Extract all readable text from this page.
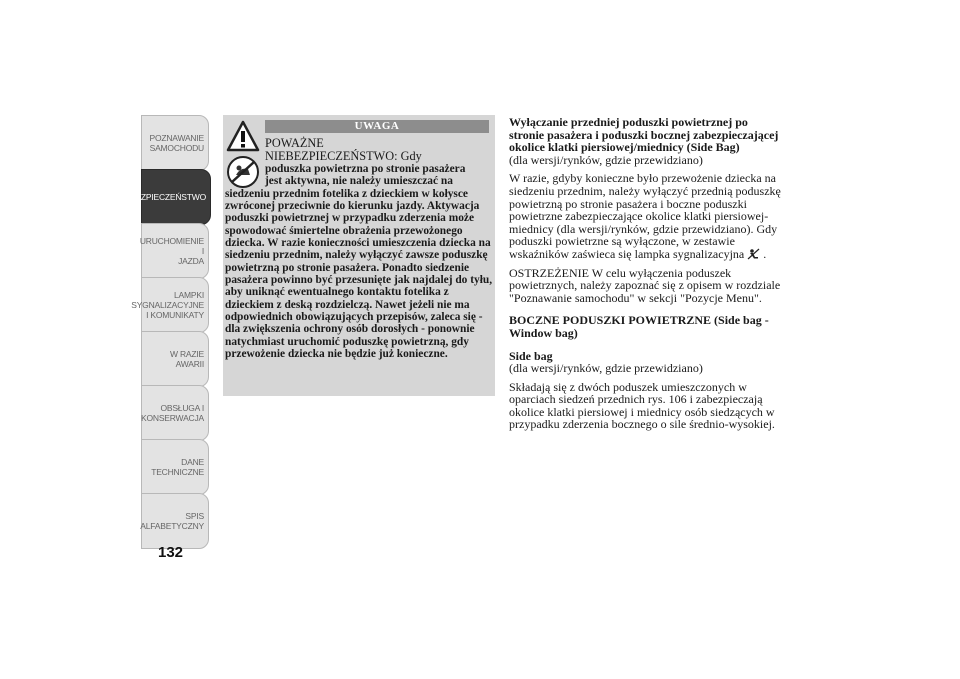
POZNAWANIE
SAMOCHODU
BEZPIECZEŃSTWO
URUCHOMIENIE I
JAZDA
LAMPKI
SYGNALIZACYJNE
I KOMUNIKATY
W RAZIE AWARII
OBSŁUGA I
KONSERWACJA
DANE
TECHNICZNE
SPIS
ALFABETYCZNY
132
UWAGA
POWAŻNE
NIEBEZPIECZEŃSTWO: Gdy
poduszka powietrzna po stronie pasażera
jest aktywna, nie należy umieszczać na
siedzeniu przednim fotelika z dzieckiem w kołysce zwróconej przeciwnie do kierunku jazdy. Aktywacja poduszki powietrznej w przypadku zderzenia może spowodować śmiertelne obrażenia przewożonego dziecka. W razie konieczności umieszczenia dziecka na siedzeniu przednim, należy wyłączyć zawsze poduszkę powietrzną po stronie pasażera. Ponadto siedzenie pasażera powinno być przesunięte jak najdalej do tyłu, aby uniknąć ewentualnego kontaktu fotelika z dzieckiem z deską rozdzielczą. Nawet jeżeli nie ma odpowiednich obowiązujących przepisów, zaleca się - dla zwiększenia ochrony osób dorosłych - ponownie natychmiast uruchomić poduszkę powietrzną, gdy przewożenie dziecka nie będzie już konieczne.

Wyłączanie przedniej poduszki powietrznej po stronie pasażera i poduszki bocznej zabezpieczającej okolice klatki piersiowej/miednicy (Side Bag)

(dla wersji/rynków, gdzie przewidziano)

W razie, gdyby konieczne było przewożenie dziecka na siedzeniu przednim, należy wyłączyć przednią poduszkę powietrzną po stronie pasażera i boczne poduszki powietrzne zabezpieczające okolice klatki piersiowej-miednicy (dla wersji/rynków, gdzie przewidziano). Gdy poduszki powietrzne są wyłączone, w zestawie wskaźników zaświeca się lampka sygnalizacyjna .

OSTRZEŻENIE W celu wyłączenia poduszek powietrznych, należy zapoznać się z opisem w rozdziale "Poznawanie samochodu" w sekcji "Pozycje Menu".

BOCZNE PODUSZKI POWIETRZNE (Side bag - Window bag)

Side bag

(dla wersji/rynków, gdzie przewidziano)

Składają się z dwóch poduszek umieszczonych w oparciach siedzeń przednich rys. 106 i zabezpieczają okolice klatki piersiowej i miednicy osób siedzących w przypadku zderzenia bocznego o sile średnio-wysokiej.
